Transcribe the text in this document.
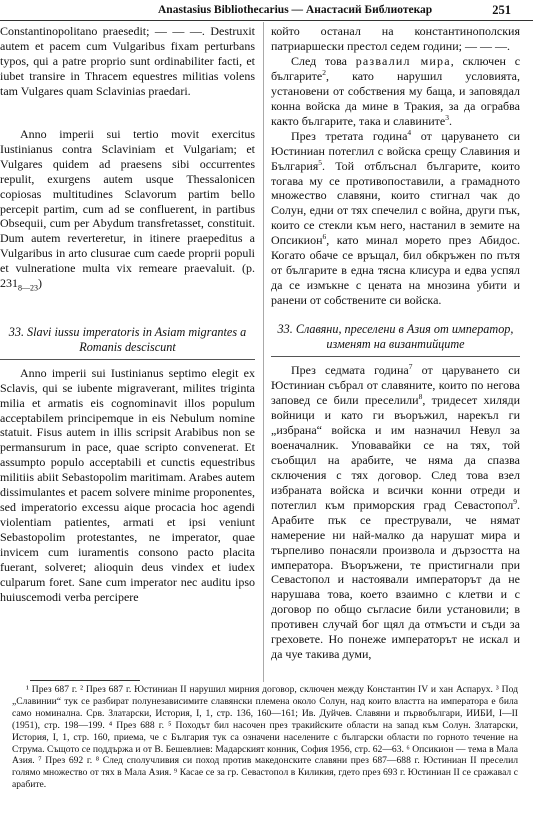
Anastasius Bibliothecarius — Анастасий Библиотекар	251

Constantinopolitano praesedit; — — —. Destruxit autem et pacem cum Vulgaribus fixam perturbans typos, qui a patre proprio sunt ordinabiliter facti, et iubet transire in Thracem equestres militias volens tam Vulgares quam Sclavinias praedari.

Anno imperii sui tertio movit exercitus Iustinianus contra Sclaviniam et Vulgariam; et Vulgares quidem ad praesens sibi occurrentes repulit, exurgens autem usque Thessalonicen copiosas multitudines Sclavorum partim bello percepit partim, cum ad se confluerent, in partibus Obsequii, cum per Abydum transfretasset, constituit. Dum autem reverteretur, in itinere praepeditus a Vulgaribus in arto clusurae cum caede proprii populi et vulneratione multa vix remeare praevaluit. (p. $231_{8—23}$)

33. Slavi iussu imperatoris in Asiam migrantes a Romanis desciscunt

Anno imperii sui Iustinianus septimo elegit ex Sclavis, qui se iubente migraverant, milites triginta milia et armatis eis cognominavit illos populum acceptabilem principemque in eis Nebulum nomine statuit. Fisus autem in illis scripsit Arabibus non se permansurum in pace, quae scripto convenerat. Et assumpto populo acceptabili et cunctis equestribus militiis abiit Sebastopolim maritimam. Arabes autem dissimulantes et pacem solvere minime proponentes, sed imperatorio excessu aique procacia hoc agendi violentiam patientes, armati et ipsi veniunt Sebastopolim protestantes, ne imperator, quae invicem cum iuramentis consono pacto placita fuerant, solveret; alioquin deus vindex et iudex culparum foret. Sane cum imperator nec auditu ipso huiuscemodi verba percipere

който останал на константинополския патриаршески престол седем години; — — —.

След това развалил мира, сключен с българите$^2$, като нарушил условията, установени от собствения му баща, и заповядал конна войска да мине в Тракия, за да ограбва както българите, така и славините$^3$.

През третата година$^4$ от царуването си Юстиниан потеглил с войска срещу Славиния и България$^5$. Той отблъснал българите, които тогава му се противопоставили, а грамадното множество славяни, които стигнал чак до Солун, едни от тях спечелил с война, други пък, които се стекли към него, настанил в земите на Опсикион$^6$, като минал морето през Абидос. Когато обаче се връщал, бил обкръжен по пътя от българите в една тясна клисура и едва успял да се измъкне с цената на мнозина убити и ранени от собствените си войска.

33. Славяни, преселени в Азия от император, изменят на византийците

През седмата година$^7$ от царуването си Юстиниан събрал от славяните, които по негова заповед се били преселили$^8$, тридесет хиляди войници и като ги въоръжил, нарекъл ги „избрана“ войска и им назначил Невул за военачалник. Уповавайки се на тях, той съобщил на арабите, че няма да спазва сключения с тях договор. След това взел избраната войска и всички конни отреди и потеглил към приморския град Севастопол$^9$. Арабите пък се престрували, че нямат намерение ни най-малко да нарушат мира и търпеливо понасяли произвола и дързостта на императора. Въоръжени, те пристигнали при Севастопол и настоявали императорът да не нарушава това, което взаимно с клетви и с договор по общо съгласие били установили; в противен случай бог щял да отмъсти и съди за греховете. Но понеже императорът не искал и да чуе такива думи,

¹ През 687 г. ² През 687 г. Юстиниан II нарушил мирния договор, сключен между Константин IV и хан Аспарух. ³ Под „Славинии“ тук се разбират полунезависимите славянски племена около Солун, над които властта на императора е била само номинална. Срв. Златарски, История, I, 1, стр. 136, 160—161; Ив. Дуйчев. Славяни и първобългари, ИИБИ, I—II (1951), стр. 198—199. ⁴ През 688 г. ⁵ Походът бил насочен през тракийските области на запад към Солун. Златарски, История, I, 1, стр. 160, приема, че с България тук са означени населените с български области по горното течение на Струма. Същото се поддържа и от В. Бешевлиев: Мадарският конник, София 1956, стр. 62—63. ⁶ Опсикион — тема в Мала Азия. ⁷ През 692 г. ⁸ След сполучливия си поход против македонските славяни през 687—688 г. Юстиниан II преселил голямо множество от тях в Мала Азия. ⁹ Касае се за гр. Севастопол в Киликия, гдето през 693 г. Юстиниан II се сражавал с арабите.
